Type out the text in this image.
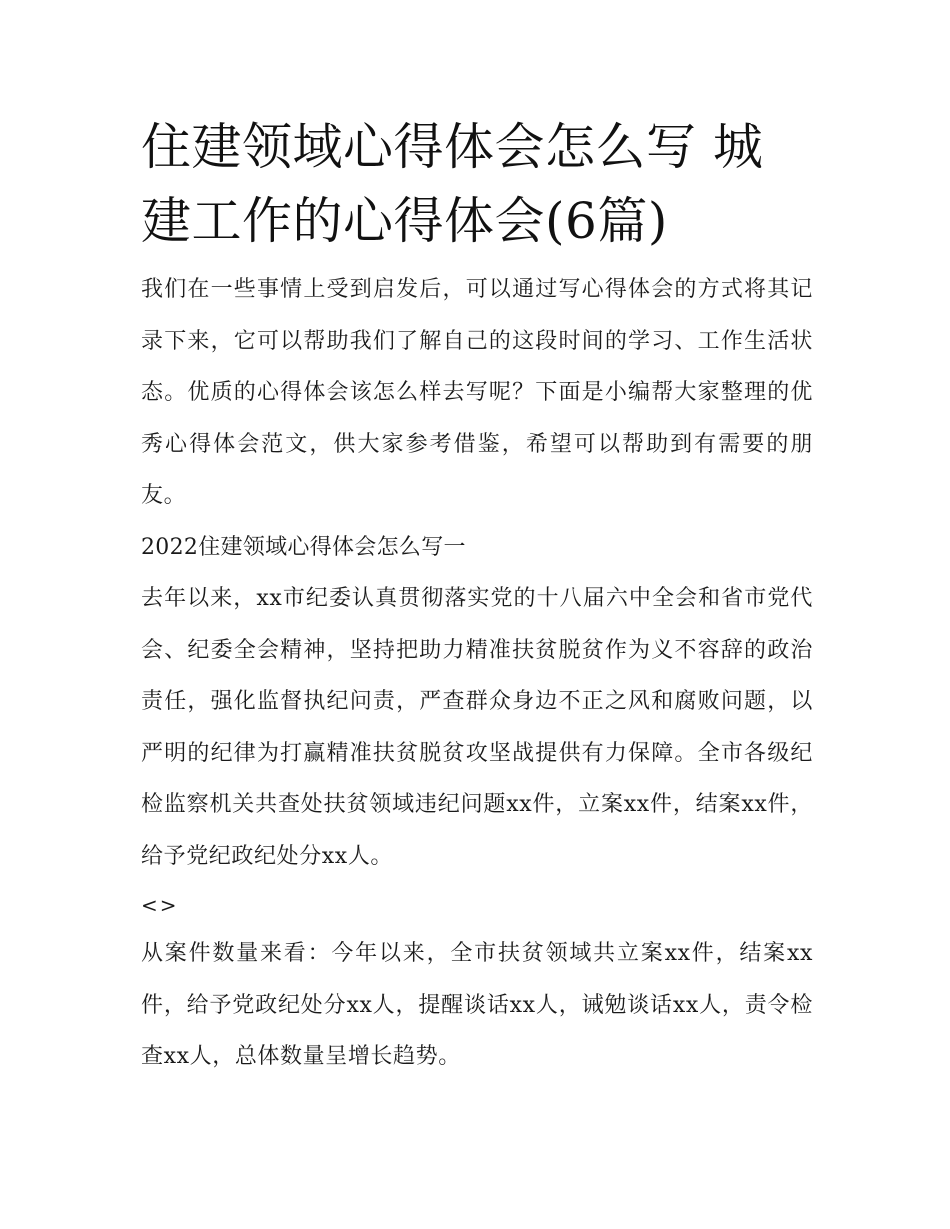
住建领域心得体会怎么写 城建工作的心得体会(6篇)

我们在一些事情上受到启发后，可以通过写心得体会的方式将其记录下来，它可以帮助我们了解自己的这段时间的学习、工作生活状态。优质的心得体会该怎么样去写呢？下面是小编帮大家整理的优秀心得体会范文，供大家参考借鉴，希望可以帮助到有需要的朋友。

2022住建领域心得体会怎么写一

去年以来，xx市纪委认真贯彻落实党的十八届六中全会和省市党代会、纪委全会精神，坚持把助力精准扶贫脱贫作为义不容辞的政治责任，强化监督执纪问责，严查群众身边不正之风和腐败问题，以严明的纪律为打赢精准扶贫脱贫攻坚战提供有力保障。全市各级纪检监察机关共查处扶贫领域违纪问题xx件，立案xx件，结案xx件，给予党纪政纪处分xx人。

<>

从案件数量来看：今年以来，全市扶贫领域共立案xx件，结案xx件，给予党政纪处分xx人，提醒谈话xx人，诫勉谈话xx人，责令检查xx人，总体数量呈增长趋势。
